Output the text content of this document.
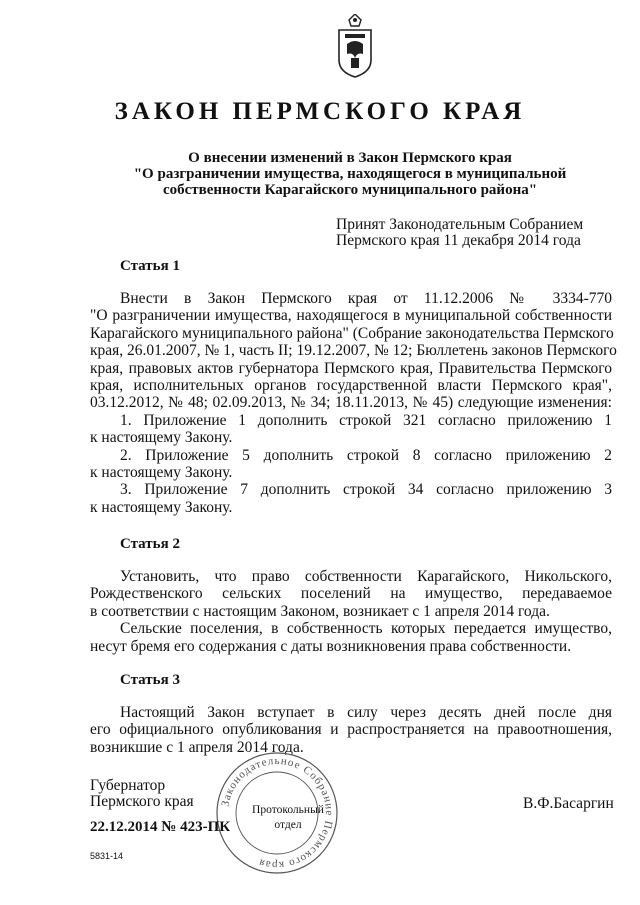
ЗАКОН ПЕРМСКОГО КРАЯ
О внесении изменений в Закон Пермского края
"О разграничении имущества, находящегося в муниципальной
собственности Карагайского муниципального района"
Принят Законодательным Собранием
Пермского края 11 декабря 2014 года
Статья 1
Внести в Закон Пермского края от 11.12.2006 № 3334-770
"О разграничении имущества, находящегося в муниципальной собственности
Карагайского муниципального района" (Собрание законодательства Пермского
края, 26.01.2007, № 1, часть II; 19.12.2007, № 12; Бюллетень законов Пермского
края, правовых актов губернатора Пермского края, Правительства Пермского
края, исполнительных органов государственной власти Пермского края",
03.12.2012, № 48; 02.09.2013, № 34; 18.11.2013, № 45) следующие изменения:
1. Приложение 1 дополнить строкой 321 согласно приложению 1
к настоящему Закону.
2. Приложение 5 дополнить строкой 8 согласно приложению 2
к настоящему Закону.
3. Приложение 7 дополнить строкой 34 согласно приложению 3
к настоящему Закону.
Статья 2
Установить, что право собственности Карагайского, Никольского,
Рождественского сельских поселений на имущество, передаваемое
в соответствии с настоящим Законом, возникает с 1 апреля 2014 года.
Сельские поселения, в собственность которых передается имущество,
несут бремя его содержания с даты возникновения права собственности.
Статья 3
Настоящий Закон вступает в силу через десять дней после дня
его официального опубликования и распространяется на правоотношения,
возникшие с 1 апреля 2014 года.
Губернатор
Пермского края Законодательное Собрание Пермского края
Протокольный
отдел
В.Ф.Басаргин
22.12.2014 № 423-ПК
5831-14
